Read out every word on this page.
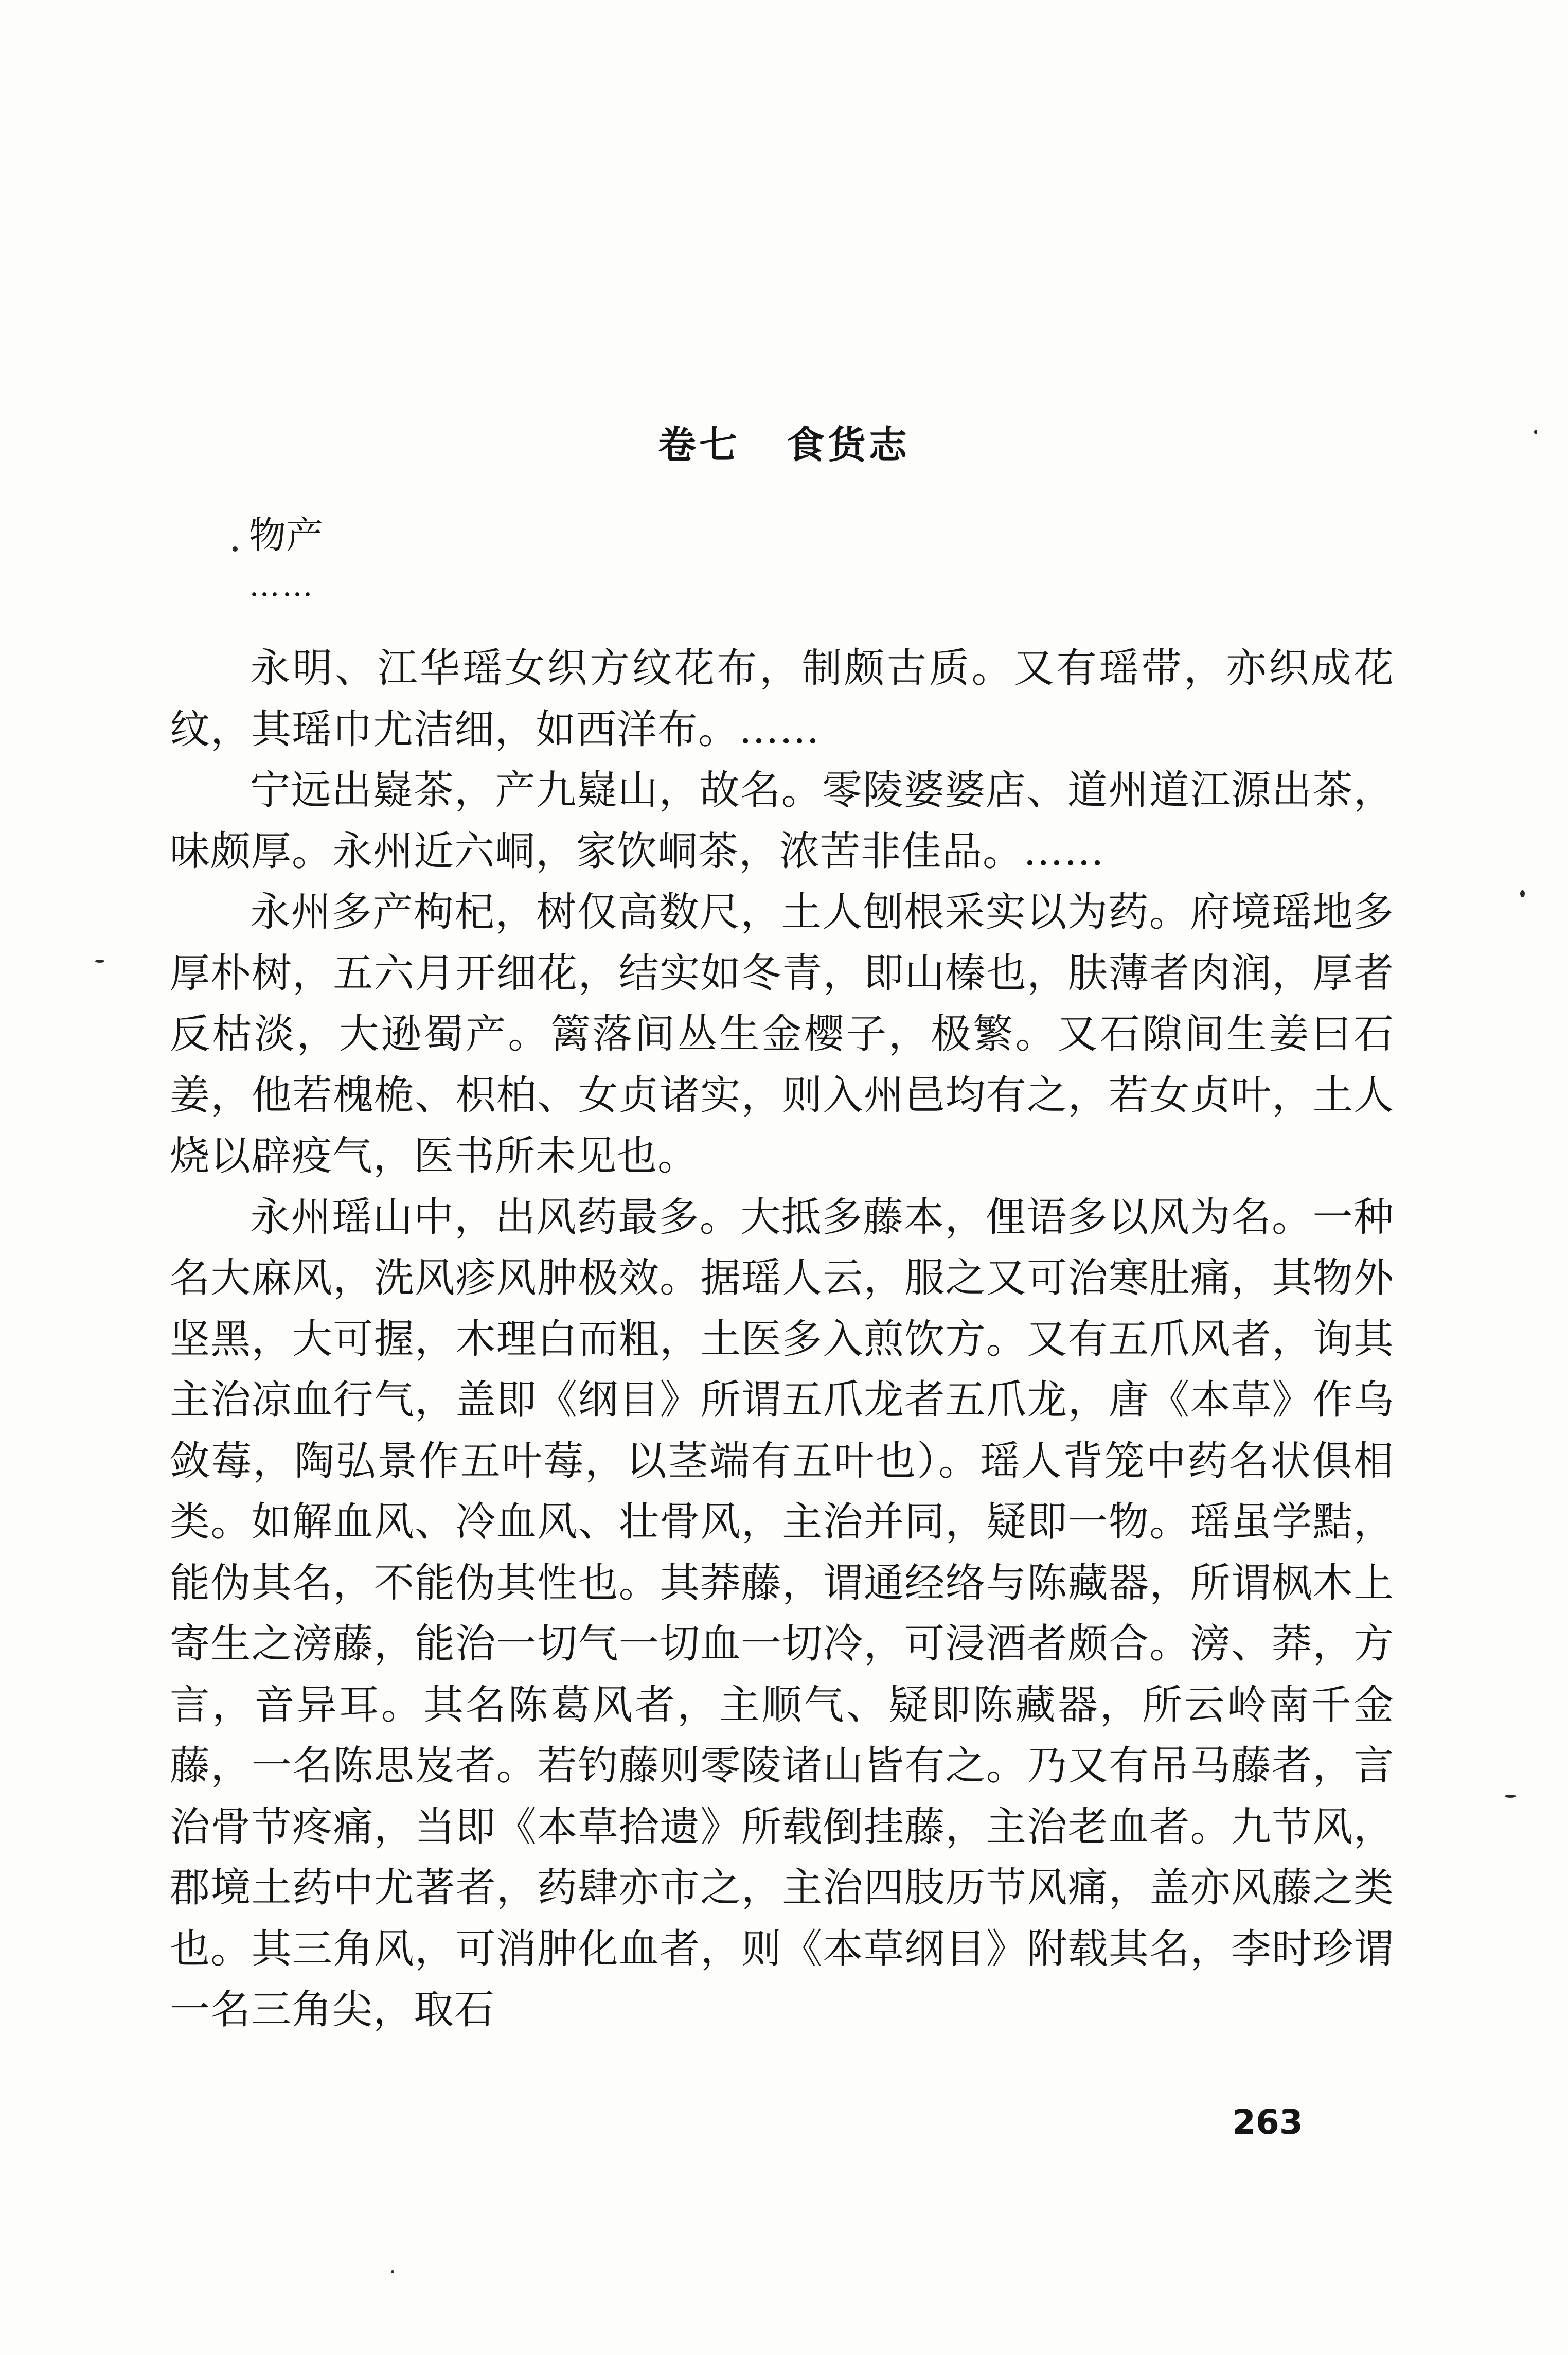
卷七 食货志
物产
……

永明、江华瑶女织方纹花布，制颇古质。又有瑶带，亦织成花纹，其瑶巾尤洁细，如西洋布。……

宁远出嶷茶，产九嶷山，故名。零陵婆婆店、道州道江源出茶，味颇厚。永州近六峒，家饮峒茶，浓苦非佳品。……

永州多产枸杞，树仅高数尺，土人刨根采实以为药。府境瑶地多厚朴树，五六月开细花，结实如冬青，即山榛也，肤薄者肉润，厚者反枯淡，大逊蜀产。篱落间丛生金樱子，极繁。又石隙间生姜曰石姜，他若槐桅、枳柏、女贞诸实，则入州邑均有之，若女贞叶，土人烧以辟疫气，医书所未见也。

永州瑶山中，出风药最多。大抵多藤本，俚语多以风为名。一种名大麻风，洗风疹风肿极效。据瑶人云，服之又可治寒肚痛，其物外坚黑，大可握，木理白而粗，土医多入煎饮方。又有五爪风者，询其主治凉血行气，盖即《纲目》所谓五爪龙者五爪龙，唐《本草》作乌敛莓，陶弘景作五叶莓，以茎端有五叶也）。瑶人背笼中药名状俱相类。如解血风、冷血风、壮骨风，主治并同，疑即一物。瑶虽学黠，能伪其名，不能伪其性也。其莽藤，谓通经络与陈藏器，所谓枫木上寄生之滂藤，能治一切气一切血一切冷，可浸酒者颇合。滂、莽，方言，音异耳。其名陈葛风者，主顺气、疑即陈藏器，所云岭南千金藤，一名陈思岌者。若钓藤则零陵诸山皆有之。乃又有吊马藤者，言治骨节疼痛，当即《本草拾遗》所载倒挂藤，主治老血者。九节风，郡境土药中尤著者，药肆亦市之，主治四肢历节风痛，盖亦风藤之类也。其三角风，可消肿化血者，则《本草纲目》附载其名，李时珍谓一名三角尖，取石

263
